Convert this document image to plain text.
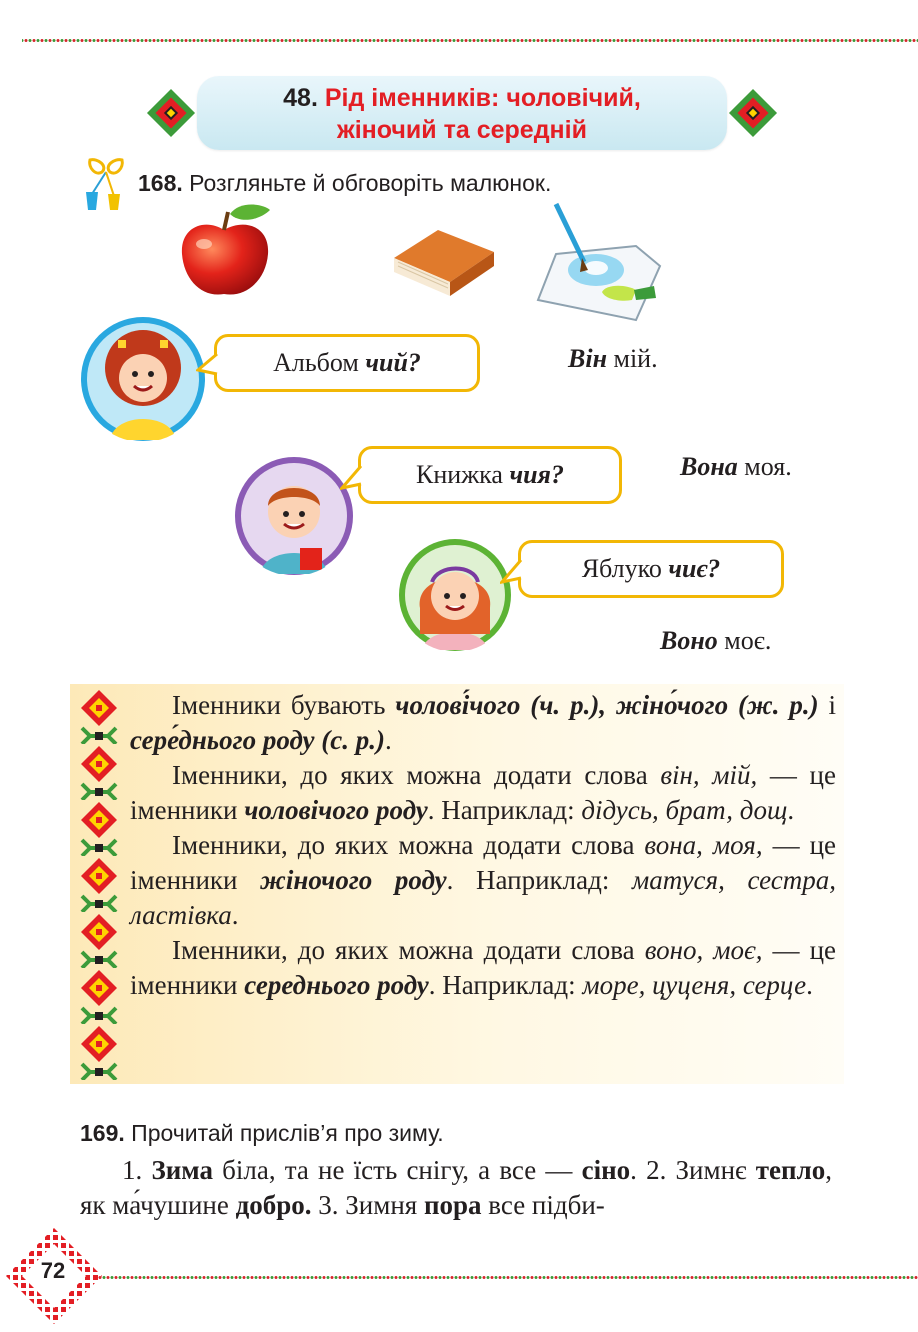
48. Рід іменників: чоловічий,
жіночий та середній
168. Розгляньте й обговоріть малюнок.
Альбом
чий?	Він мій.
Книжка
чия?	Вона моя.
Яблуко
чиє?
Воно моє.

Іменники бувають чолові́чого (ч. р.), жіно́чого (ж. р.) і сере́днього роду (с. р.).

Іменники, до яких можна додати слова він, мій, — це іменники чоловічого роду. Наприклад: дідусь, брат, дощ.

Іменники, до яких можна додати слова вона, моя, — це іменники жіночого роду. Наприклад: матуся, сестра, ластівка.

Іменники, до яких можна додати слова воно, моє, — це іменники середнього роду. Наприклад: море, цуценя, серце.

169. Прочитай прислів’я про зиму.

1. Зима біла, та не їсть снігу, а все — сіно. 2. Зимнє тепло, як ма́чушине добро. 3. Зимня пора все підби-

72
